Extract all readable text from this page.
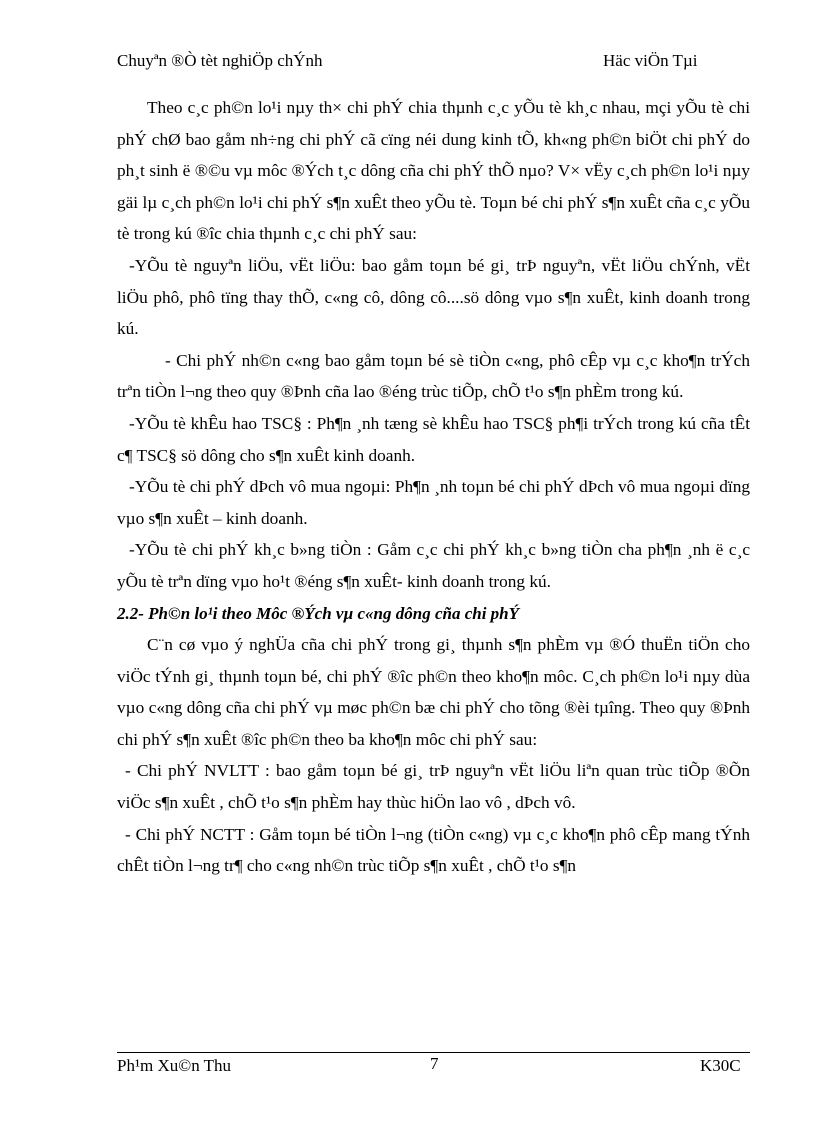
Chuyªn ®Ò tèt nghiÖp chÝnh	Häc viÖn Tµi

Theo c¸c ph©n lo¹i nµy th× chi phÝ chia thµnh c¸c yÕu tè kh¸c nhau, mçi yÕu tè chi phÝ chØ bao gåm nh÷ng chi phÝ cã cïng néi dung kinh tÕ, kh«ng ph©n biÖt chi phÝ do ph¸t sinh ë ®©u vµ môc ®Ých t¸c dông cña chi phÝ thÕ nµo? V× vËy c¸ch ph©n lo¹i nµy gäi lµ c¸ch ph©n lo¹i chi phÝ s¶n xuÊt theo yÕu tè. Toµn bé chi phÝ s¶n xuÊt cña c¸c yÕu tè trong kú ®îc chia thµnh c¸c chi phÝ sau:

-YÕu tè nguyªn liÖu, vËt liÖu: bao gåm toµn bé gi¸ trÞ nguyªn, vËt liÖu chÝnh, vËt liÖu phô, phô tïng thay thÕ, c«ng cô, dông cô....sö dông vµo s¶n xuÊt, kinh doanh trong kú.

- Chi phÝ nh©n c«ng bao gåm toµn bé sè tiÒn c«ng, phô cÊp vµ c¸c kho¶n trÝch trªn tiÒn l¬ng theo quy ®Þnh cña lao ®éng trùc tiÕp, chÕ t¹o s¶n phÈm trong kú.

-YÕu tè khÊu hao TSC§ : Ph¶n ¸nh tæng sè khÊu hao TSC§ ph¶i trÝch trong kú cña tÊt c¶ TSC§ sö dông cho s¶n xuÊt kinh doanh.

-YÕu tè chi phÝ dÞch vô mua ngoµi: Ph¶n ¸nh toµn bé chi phÝ dÞch vô mua ngoµi dïng vµo s¶n xuÊt – kinh doanh.

-YÕu tè chi phÝ kh¸c b»ng tiÒn : Gåm c¸c chi phÝ kh¸c b»ng tiÒn cha ph¶n ¸nh ë c¸c yÕu tè trªn dïng vµo ho¹t ®éng s¶n xuÊt- kinh doanh trong kú.

2.2- Ph©n lo¹i theo Môc ®Ých vµ c«ng dông cña chi phÝ

C¨n cø vµo ý nghÜa cña chi phÝ trong gi¸ thµnh s¶n phÈm vµ ®Ó thuËn tiÖn cho viÖc tÝnh gi¸ thµnh toµn bé, chi phÝ ®îc ph©n theo kho¶n môc. C¸ch ph©n lo¹i nµy dùa vµo c«ng dông cña chi phÝ vµ møc ph©n bæ chi phÝ cho tõng ®èi tµîng. Theo quy ®Þnh chi phÝ s¶n xuÊt ®îc ph©n theo ba kho¶n môc chi phÝ sau:

- Chi phÝ NVLTT : bao gåm toµn bé gi¸ trÞ nguyªn vËt liÖu liªn quan trùc tiÕp ®Õn viÖc s¶n xuÊt , chÕ t¹o s¶n phÈm hay thùc hiÖn lao vô , dÞch vô.

- Chi phÝ NCTT : Gåm toµn bé tiÒn l¬ng (tiÒn c«ng) vµ c¸c kho¶n phô cÊp mang tÝnh chÊt tiÒn l¬ng tr¶ cho c«ng nh©n trùc tiÕp s¶n xuÊt , chÕ t¹o s¶n

Ph¹m Xu©n Thu	7	K30C
